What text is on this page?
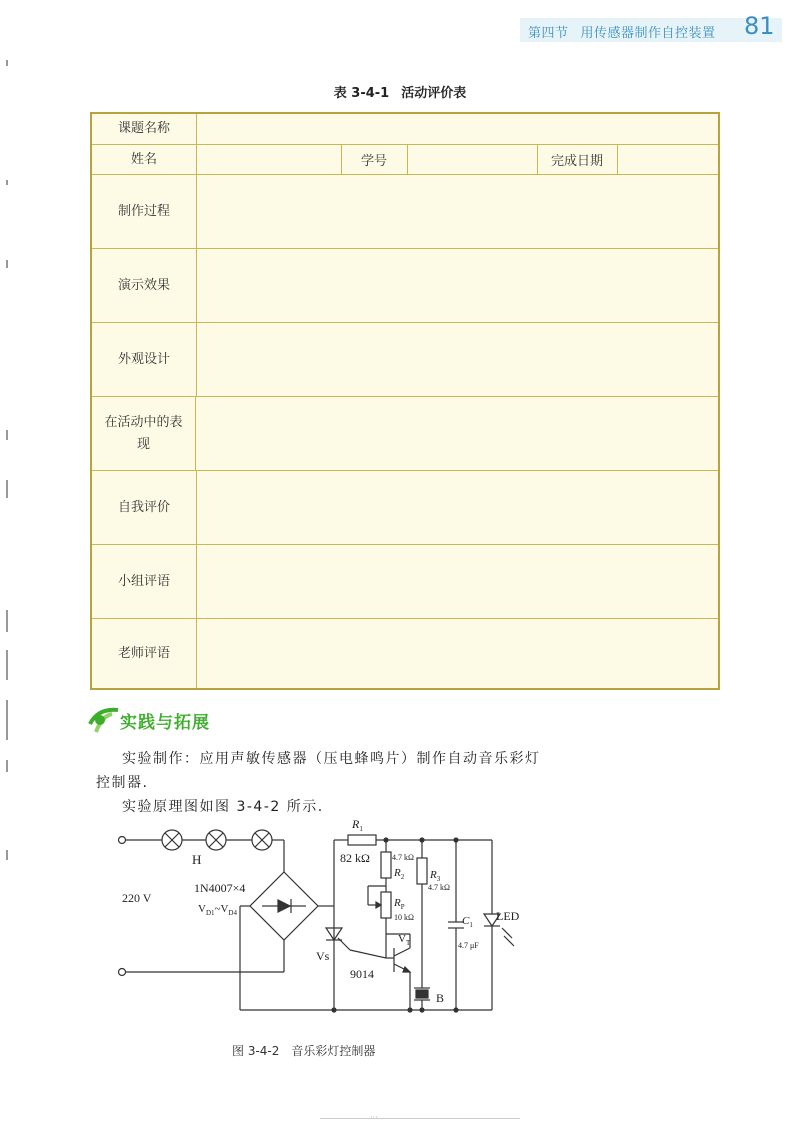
第四节 用传感器制作自控装置 81
表 3-4-1 活动评价表
课题名称
姓名	学号	完成日期
制作过程
演示效果
外观设计
在活动中的表现
自我评价
小组评语
老师评语
实践与拓展
实验制作：应用声敏传感器（压电蜂鸣片）制作自动音乐彩灯
控制器.
实验原理图如图 3-4-2 所示.
H
220 V
1N4007×4
$V_{D1}\sim V_{D4}$
$R_1$
82 kΩ	4.7 kΩ
$R_2$
$R_P$
10 kΩ
$R_3$
4.7 kΩ
B
$C_1$
4.7 μF
LED
Vs
$V_T$
9014
图 3-4-2 音乐彩灯控制器
···
